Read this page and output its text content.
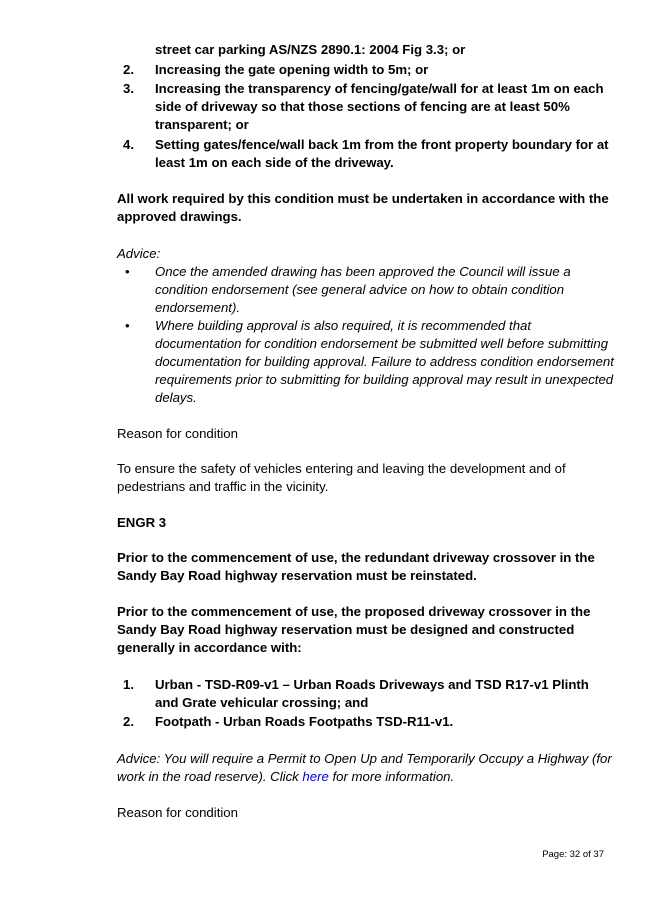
street car parking AS/NZS 2890.1: 2004 Fig 3.3; or
2. Increasing the gate opening width to 5m; or
3. Increasing the transparency of fencing/gate/wall for at least 1m on each side of driveway so that those sections of fencing are at least 50% transparent; or
4. Setting gates/fence/wall back 1m from the front property boundary for at least 1m on each side of the driveway.
All work required by this condition must be undertaken in accordance with the approved drawings.
Advice:
• Once the amended drawing has been approved the Council will issue a condition endorsement (see general advice on how to obtain condition endorsement).
• Where building approval is also required, it is recommended that documentation for condition endorsement be submitted well before submitting documentation for building approval. Failure to address condition endorsement requirements prior to submitting for building approval may result in unexpected delays.
Reason for condition
To ensure the safety of vehicles entering and leaving the development and of pedestrians and traffic in the vicinity.
ENGR 3
Prior to the commencement of use, the redundant driveway crossover in the Sandy Bay Road highway reservation must be reinstated.
Prior to the commencement of use, the proposed driveway crossover in the Sandy Bay Road highway reservation must be designed and constructed generally in accordance with:
1. Urban - TSD-R09-v1 – Urban Roads Driveways and TSD R17-v1 Plinth and Grate vehicular crossing; and
2. Footpath - Urban Roads Footpaths TSD-R11-v1.
Advice: You will require a Permit to Open Up and Temporarily Occupy a Highway (for work in the road reserve). Click here for more information.
Reason for condition
Page: 32 of 37
